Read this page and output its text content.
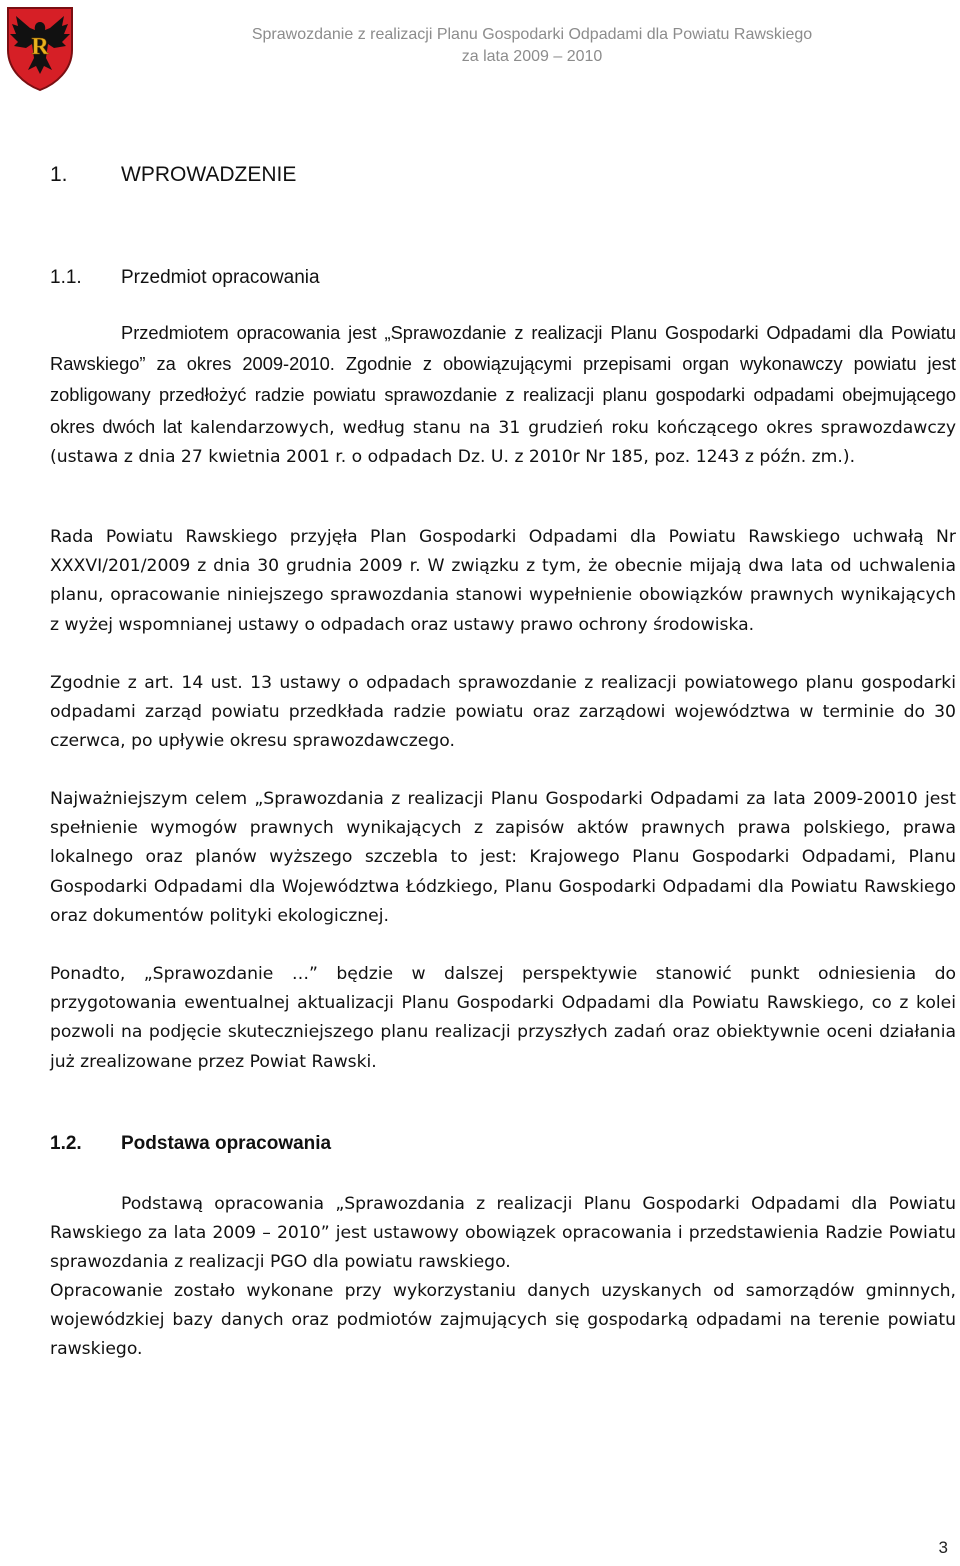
R	Sprawozdanie z realizacji Planu Gospodarki Odpadami dla Powiatu Rawskiego
za lata 2009 – 2010
1.	WPROWADZENIE
1.1. Przedmiot opracowania

Przedmiotem opracowania jest „Sprawozdanie z realizacji Planu Gospodarki Odpadami dla Powiatu Rawskiego” za okres 2009-2010. Zgodnie z obowiązującymi przepisami organ wykonawczy powiatu jest zobligowany przedłożyć radzie powiatu sprawozdanie z realizacji planu gospodarki odpadami obejmującego okres dwóch lat kalendarzowych, według stanu na 31 grudzień roku kończącego okres sprawozdawczy (ustawa z dnia 27 kwietnia 2001 r. o odpadach Dz. U. z 2010r Nr 185, poz. 1243 z późn. zm.).

Rada Powiatu Rawskiego przyjęła Plan Gospodarki Odpadami dla Powiatu Rawskiego uchwałą Nr XXXVI/201/2009 z dnia 30 grudnia 2009 r. W związku z tym, że obecnie mijają dwa lata od uchwalenia planu, opracowanie niniejszego sprawozdania stanowi wypełnienie obowiązków prawnych wynikających z wyżej wspomnianej ustawy o odpadach oraz ustawy prawo ochrony środowiska.

Zgodnie z art. 14 ust. 13 ustawy o odpadach sprawozdanie z realizacji powiatowego planu gospodarki odpadami zarząd powiatu przedkłada radzie powiatu oraz zarządowi województwa w terminie do 30 czerwca, po upływie okresu sprawozdawczego.

Najważniejszym celem „Sprawozdania z realizacji Planu Gospodarki Odpadami za lata 2009-20010 jest spełnienie wymogów prawnych wynikających z zapisów aktów prawnych prawa polskiego, prawa lokalnego oraz planów wyższego szczebla to jest: Krajowego Planu Gospodarki Odpadami, Planu Gospodarki Odpadami dla Województwa Łódzkiego, Planu Gospodarki Odpadami dla Powiatu Rawskiego oraz dokumentów polityki ekologicznej.

Ponadto, „Sprawozdanie …” będzie w dalszej perspektywie stanowić punkt odniesienia do przygotowania ewentualnej aktualizacji Planu Gospodarki Odpadami dla Powiatu Rawskiego, co z kolei pozwoli na podjęcie skuteczniejszego planu realizacji przyszłych zadań oraz obiektywnie oceni działania już zrealizowane przez Powiat Rawski.

1.2. Podstawa opracowania

Podstawą opracowania „Sprawozdania z realizacji Planu Gospodarki Odpadami dla Powiatu Rawskiego za lata 2009 – 2010” jest ustawowy obowiązek opracowania i przedstawienia Radzie Powiatu sprawozdania z realizacji PGO dla powiatu rawskiego.

Opracowanie zostało wykonane przy wykorzystaniu danych uzyskanych od samorządów gminnych, wojewódzkiej bazy danych oraz podmiotów zajmujących się gospodarką odpadami na terenie powiatu rawskiego.

3
